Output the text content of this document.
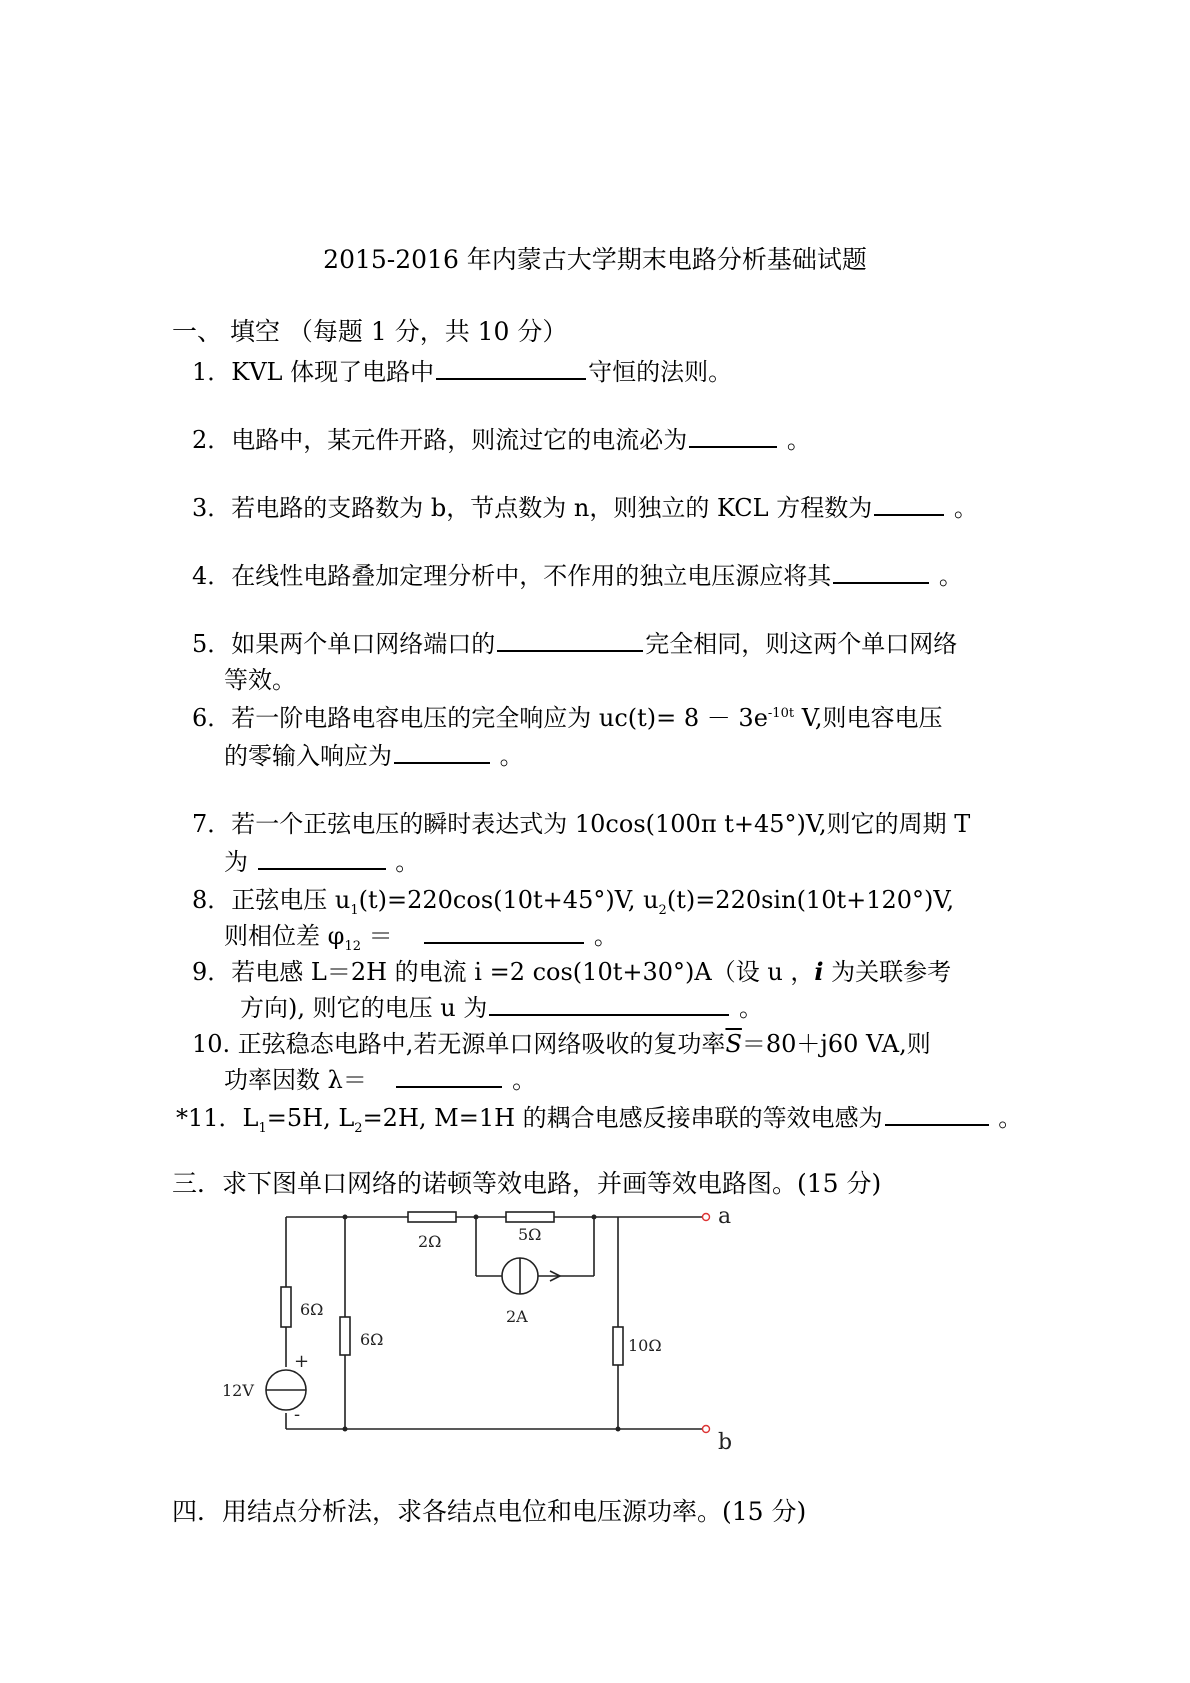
2015-2016 年内蒙古大学期末电路分析基础试题
一、 填空 （每题 1 分，共 10 分）
1．KVL 体现了电路中	守恒的法则。
2．电路中，某元件开路，则流过它的电流必为	。
3．若电路的支路数为 b，节点数为 n，则独立的 KCL 方程数为	。
4．在线性电路叠加定理分析中，不作用的独立电压源应将其	。
5．如果两个单口网络端口的	完全相同，则这两个单口网络
等效。
6．若一阶电路电容电压的完全响应为 $uc(t)= 8 - 3e^{-10t}$ V,则电容电压
的零输入响应为	。
7．若一个正弦电压的瞬时表达式为 10cos(100π t+45°)V,则它的周期 T
为	。
8．正弦电压 $u_1(t)=220\cos(10t+45^\circ)V$, $u_2(t)=220\sin(10t+120^\circ)V$,
则相位差 $\varphi_{12}$ ＝	。
9．若电感 L＝2H 的电流 i =2 cos(10t+30°)A（设 u ，i 为关联参考
方向), 则它的电压 u 为	。
10. 正弦稳态电路中,若无源单口网络吸收的复功率$\overline{S}=80+j60$ VA,则
功率因数 λ＝	。
*11．$L_1=5H$, $L_2=2H$, M=1H 的耦合电感反接串联的等效电感为	。
三．求下图单口网络的诺顿等效电路，并画等效电路图。(15 分)
2Ω	5Ω
2A
6Ω
6Ω	10Ω
12V
+
-
a
b
四．用结点分析法，求各结点电位和电压源功率。(15 分)
